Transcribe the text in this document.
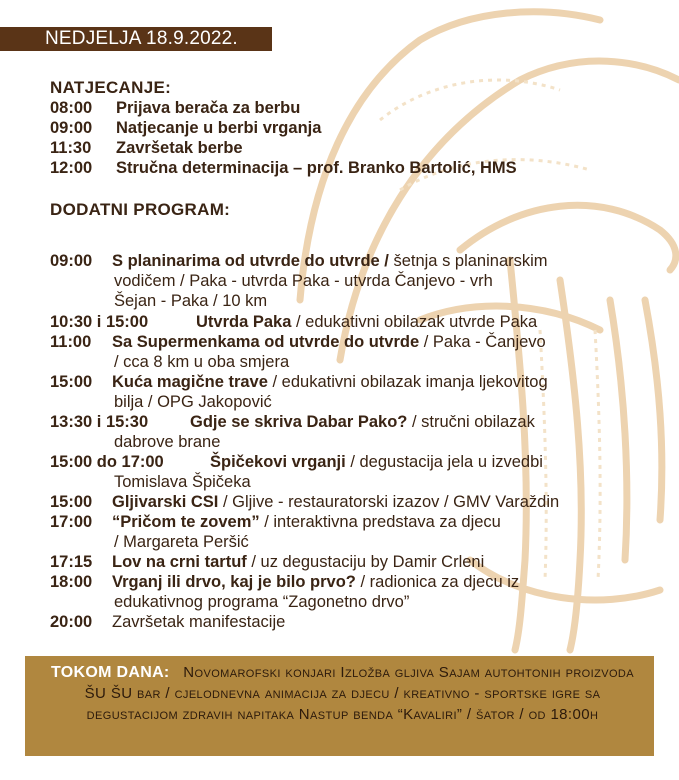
NEDJELJA 18.9.2022.
NATJECANJE:
08:00 Prijava berača za berbu
09:00 Natjecanje u berbi vrganja
11:30 Završetak berbe
12:00 Stručna determinacija – prof. Branko Bartolić, HMS
DODATNI PROGRAM:
09:00 S planinarima od utvrde do utvrde / šetnja s planinarskim
vodičem / Paka - utvrda Paka - utvrda Čanjevo - vrh
Šejan - Paka / 10 km
10:30 i 15:00	Utvrda Paka / edukativni obilazak utvrde Paka
11:00 Sa Supermenkama od utvrde do utvrde / Paka - Čanjevo
/ cca 8 km u oba smjera
15:00 Kuća magične trave / edukativni obilazak imanja ljekovitog
bilja / OPG Jakopović
13:30 i 15:30	Gdje se skriva Dabar Pako? / stručni obilazak
dabrove brane
15:00 do 17:00	Špičekovi vrganji / degustacija jela u izvedbi
Tomislava Špičeka
15:00 Gljivarski CSI / Gljive - restauratorski izazov / GMV Varaždin
17:00 “Pričom te zovem” / interaktivna predstava za djecu
/ Margareta Peršić
17:15 Lov na crni tartuf / uz degustaciju by Damir Crleni
18:00 Vrganj ili drvo, kaj je bilo prvo? / radionica za djecu iz
edukativnog programa “Zagonetno drvo”
20:00 Završetak manifestacije
TOKOM DANA: Novomarofski konjari Izložba gljiva Sajam autohtonih proizvoda ŠU ŠU bar / cjelodnevna animacija za djecu / kreativno - sportske igre sa degustacijom zdravih napitaka Nastup benda “Kavaliri” / šator / od 18:00h
